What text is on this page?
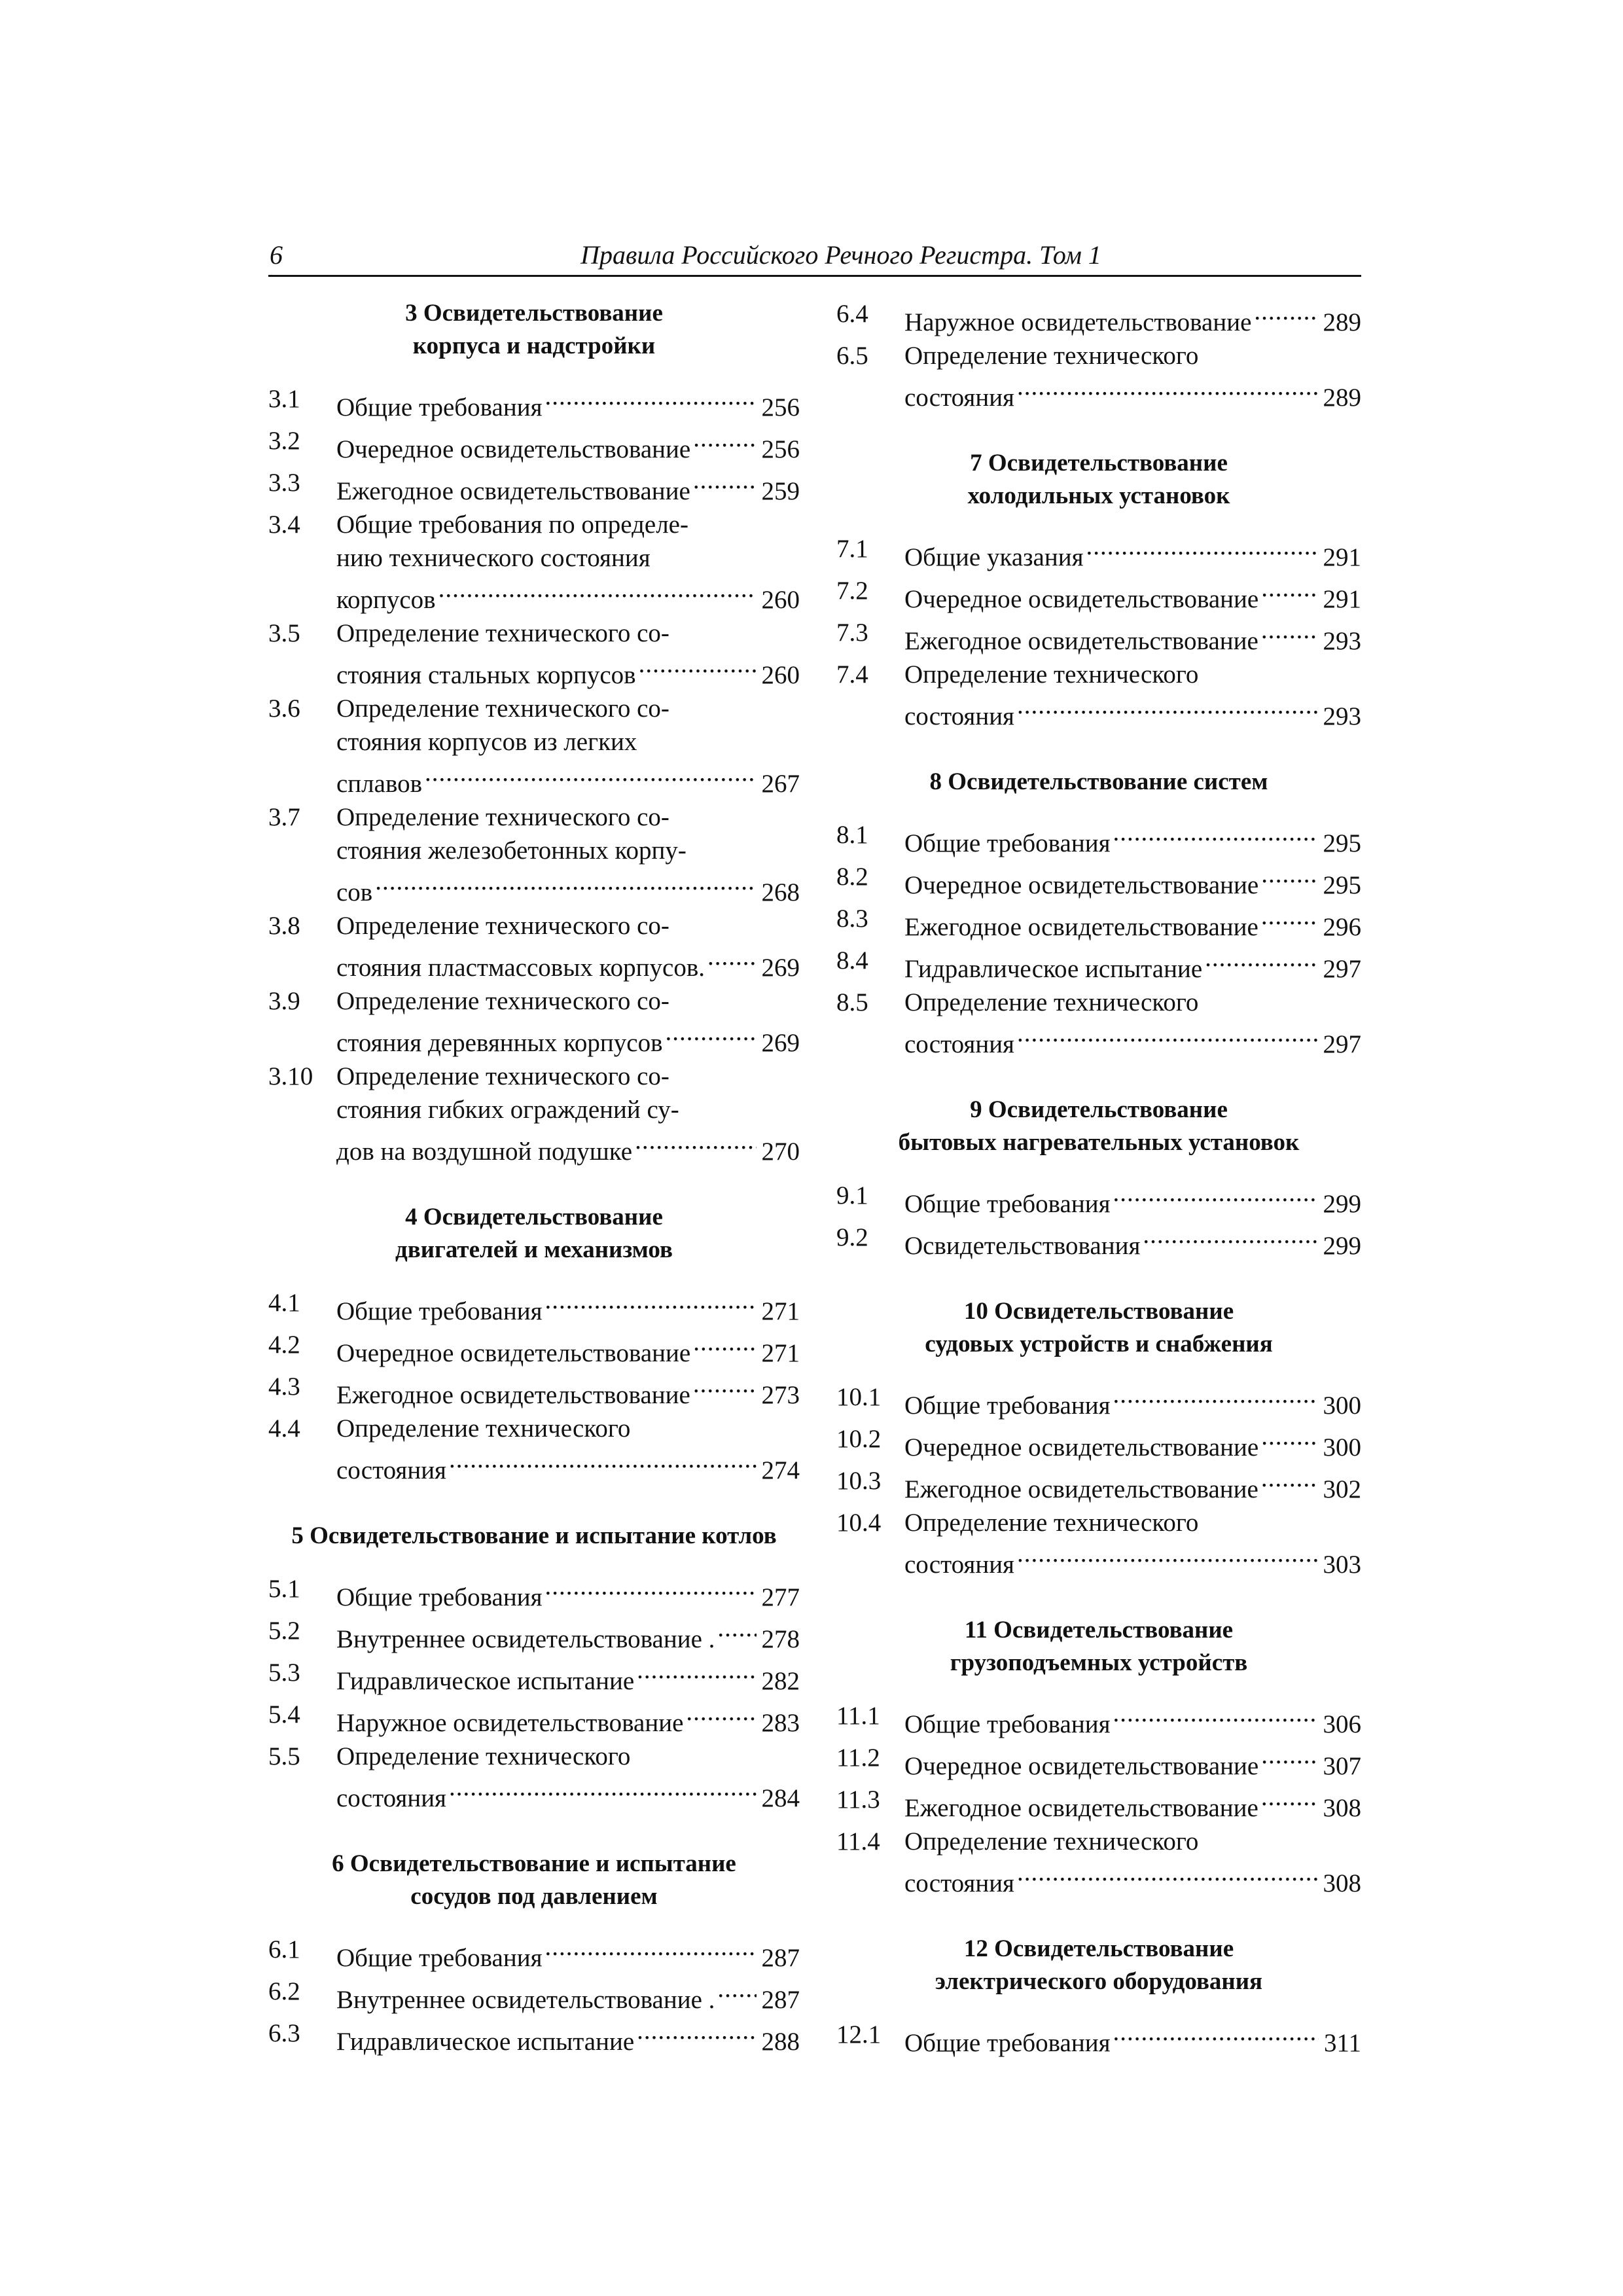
6	Правила Российского Речного Регистра. Том 1
3 Освидетельствование
корпуса и надстройки
3.1	Общие требования .....	256
3.2	Очередное освидетельствование .....	256
3.3	Ежегодное освидетельствование .....	259
3.4	Общие требования по определе-
нию технического состояния
корпусов .....	260
3.5	Определение технического со-
стояния стальных корпусов .....	260
3.6	Определение технического со-
стояния корпусов из легких
сплавов .....	267
3.7	Определение технического со-
стояния железобетонных корпу-
сов .....	268
3.8	Определение технического со-
стояния пластмассовых корпусов. ..... 269
3.9	Определение технического со-
стояния деревянных корпусов .....	269
3.10 Определение технического со-
стояния гибких ограждений су-
дов на воздушной подушке .....	270
4 Освидетельствование
двигателей и механизмов
4.1	Общие требования .....	271
4.2	Очередное освидетельствование .....	271
4.3	Ежегодное освидетельствование .....	273
4.4	Определение технического
состояния .....	274
5 Освидетельствование и испытание котлов
5.1	Общие требования .....	277
5.2	Внутреннее освидетельствование . ..... 278
5.3	Гидравлическое испытание .....	282
5.4	Наружное освидетельствование .....	283
5.5	Определение технического
состояния .....	284
6 Освидетельствование и испытание
сосудов под давлением
6.1	Общие требования .....	287
6.2	Внутреннее освидетельствование . ..... 287
6.3	Гидравлическое испытание .....	288
6.4	Наружное освидетельствование .....	289
6.5	Определение технического
состояния .....	289
7 Освидетельствование
холодильных установок
7.1	Общие указания .....	291
7.2	Очередное освидетельствование .....	291
7.3	Ежегодное освидетельствование .....	293
7.4	Определение технического
состояния .....	293
8 Освидетельствование систем
8.1	Общие требования .....	295
8.2	Очередное освидетельствование .....	295
8.3	Ежегодное освидетельствование .....	296
8.4	Гидравлическое испытание .....	297
8.5	Определение технического
состояния .....	297
9 Освидетельствование
бытовых нагревательных установок
9.1	Общие требования .....	299
9.2	Освидетельствования .....	299
10 Освидетельствование
судовых устройств и снабжения
10.1 Общие требования .....	300
10.2 Очередное освидетельствование .....	300
10.3 Ежегодное освидетельствование .....	302
10.4 Определение технического
состояния .....	303
11 Освидетельствование
грузоподъемных устройств
11.1 Общие требования .....	306
11.2 Очередное освидетельствование .....	307
11.3 Ежегодное освидетельствование .....	308
11.4 Определение технического
состояния .....	308
12 Освидетельствование
электрического оборудования
12.1 Общие требования .....	311
